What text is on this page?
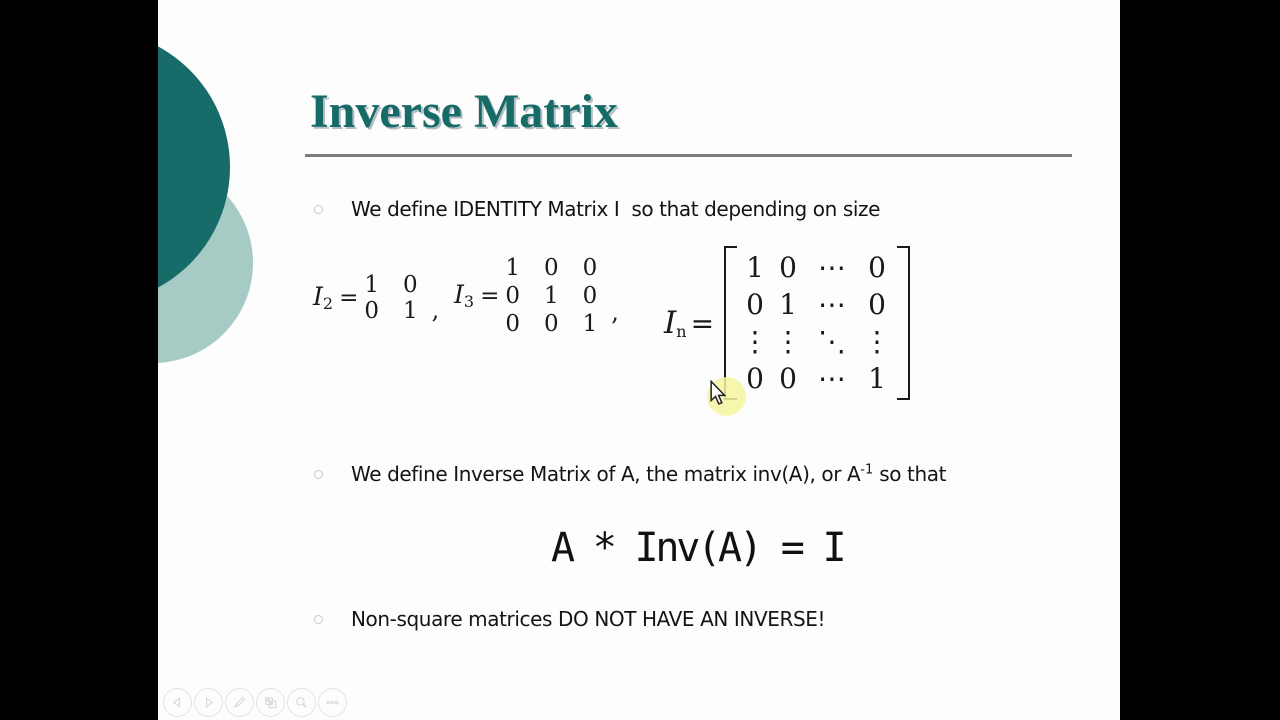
Inverse Matrix
We define IDENTITY Matrix I  so that depending on size
$I_2 = 1$ 0
0 1 ,
$I_3$ =
1 0 0
0 1 0
0 0 1 , $I_n$ =
1 0 ⋯ 0
0 1 ⋯ 0
⋮ ⋮ ⋱ ⋮
0 0 ⋯ 1
We define Inverse Matrix of A, the matrix inv(A), or $A^{-1}$ so that
A * Inv(A) = I
Non-square matrices DO NOT HAVE AN INVERSE!
